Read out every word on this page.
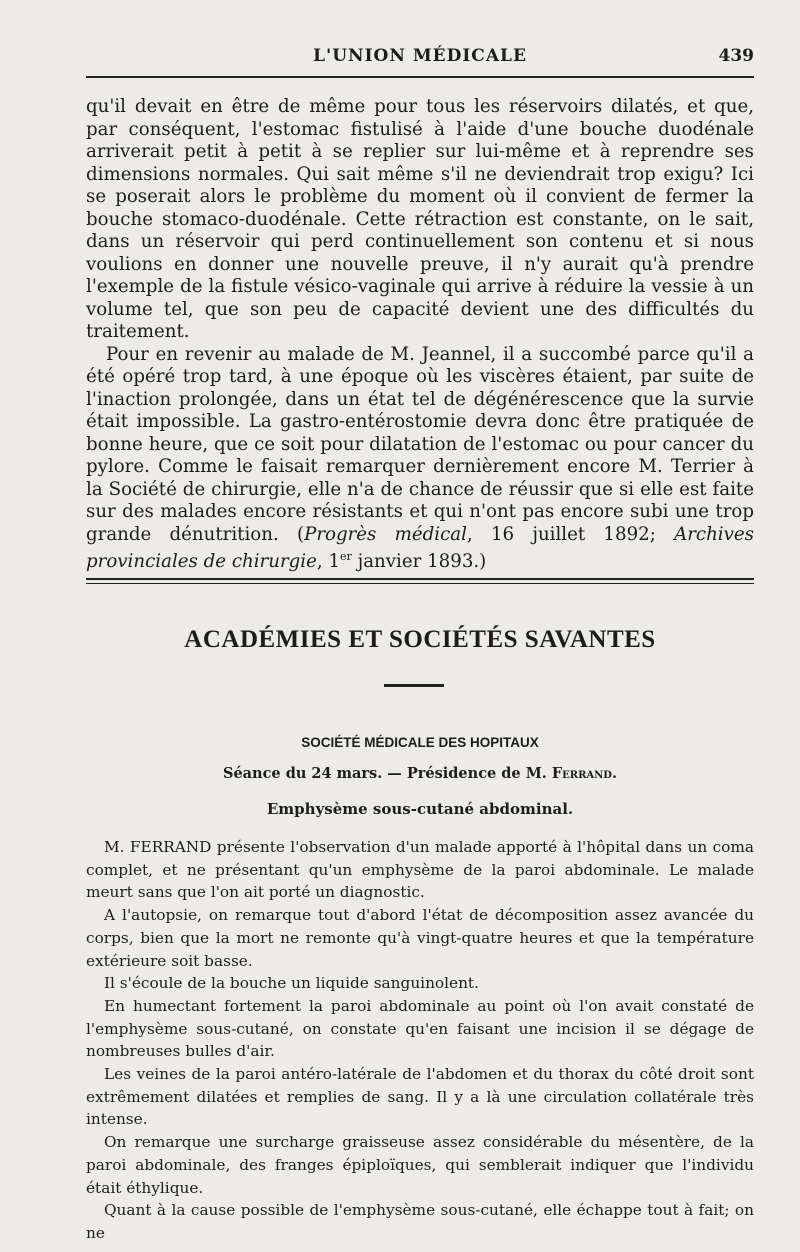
L'UNION MÉDICALE	439

qu'il devait en être de même pour tous les réservoirs dilatés, et que, par conséquent, l'estomac fistulisé à l'aide d'une bouche duodénale arriverait petit à petit à se replier sur lui-même et à reprendre ses dimensions normales. Qui sait même s'il ne deviendrait trop exigu? Ici se poserait alors le problème du moment où il convient de fermer la bouche stomaco-duodénale. Cette rétraction est constante, on le sait, dans un réservoir qui perd continuellement son contenu et si nous voulions en donner une nouvelle preuve, il n'y aurait qu'à prendre l'exemple de la fistule vésico-vaginale qui arrive à réduire la vessie à un volume tel, que son peu de capacité devient une des difficultés du traitement.

Pour en revenir au malade de M. Jeannel, il a succombé parce qu'il a été opéré trop tard, à une époque où les viscères étaient, par suite de l'inaction prolongée, dans un état tel de dégénérescence que la survie était impossible. La gastro-entérostomie devra donc être pratiquée de bonne heure, que ce soit pour dilatation de l'estomac ou pour cancer du pylore. Comme le faisait remarquer dernièrement encore M. Terrier à la Société de chirurgie, elle n'a de chance de réussir que si elle est faite sur des malades encore résistants et qui n'ont pas encore subi une trop grande dénutrition. (Progrès médical, 16 juillet 1892; Archives provinciales de chirurgie, 1er janvier 1893.)

ACADÉMIES ET SOCIÉTÉS SAVANTES
SOCIÉTÉ MÉDICALE DES HOPITAUX
Séance du 24 mars. — Présidence de M. Ferrand.
Emphysème sous-cutané abdominal.

M. FERRAND présente l'observation d'un malade apporté à l'hôpital dans un coma complet, et ne présentant qu'un emphysème de la paroi abdominale. Le malade meurt sans que l'on ait porté un diagnostic.

A l'autopsie, on remarque tout d'abord l'état de décomposition assez avancée du corps, bien que la mort ne remonte qu'à vingt-quatre heures et que la température extérieure soit basse.

Il s'écoule de la bouche un liquide sanguinolent.

En humectant fortement la paroi abdominale au point où l'on avait constaté de l'emphysème sous-cutané, on constate qu'en faisant une incision il se dégage de nombreuses bulles d'air.

Les veines de la paroi antéro-latérale de l'abdomen et du thorax du côté droit sont extrêmement dilatées et remplies de sang. Il y a là une circulation collatérale très intense.

On remarque une surcharge graisseuse assez considérable du mésentère, de la paroi abdominale, des franges épiploïques, qui semblerait indiquer que l'individu était éthylique.

Quant à la cause possible de l'emphysème sous-cutané, elle échappe tout à fait; on ne
